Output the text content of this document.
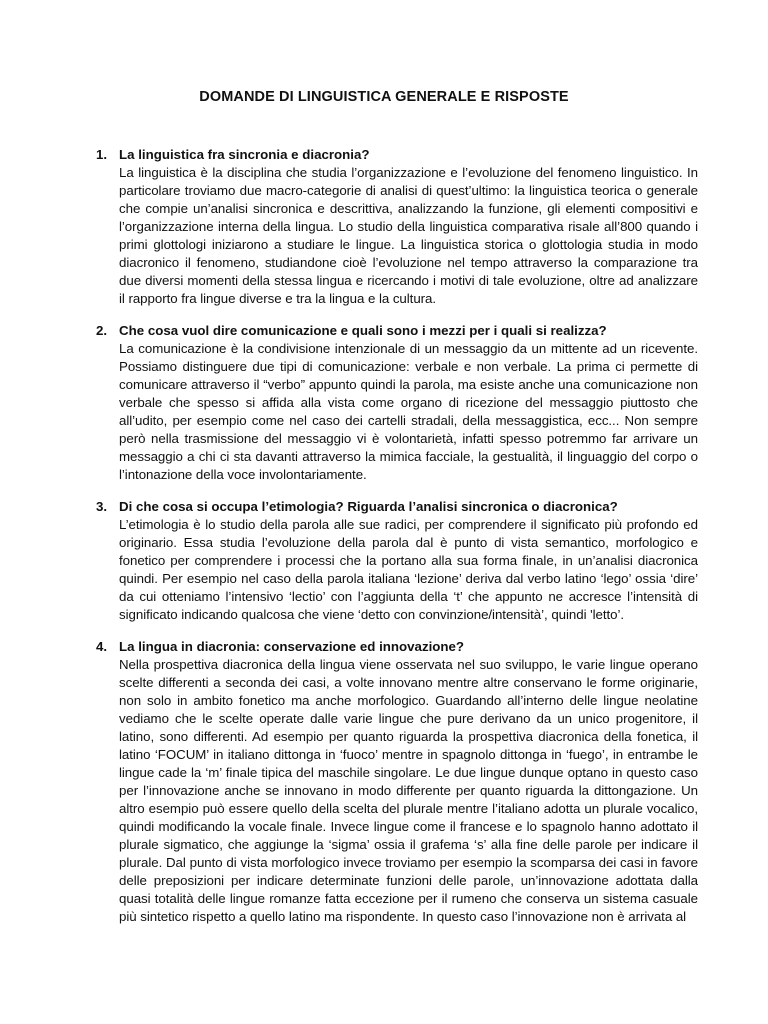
DOMANDE DI LINGUISTICA GENERALE E RISPOSTE
1. La linguistica fra sincronia e diacronia?
La linguistica è la disciplina che studia l’organizzazione e l’evoluzione del fenomeno linguistico. In particolare troviamo due macro-categorie di analisi di quest’ultimo: la linguistica teorica o generale che compie un’analisi sincronica e descrittiva, analizzando la funzione, gli elementi compositivi e l’organizzazione interna della lingua. Lo studio della linguistica comparativa risale all’800 quando i primi glottologi iniziarono a studiare le lingue. La linguistica storica o glottologia studia in modo diacronico il fenomeno, studiandone cioè l’evoluzione nel tempo attraverso la comparazione tra due diversi momenti della stessa lingua e ricercando i motivi di tale evoluzione, oltre ad analizzare il rapporto fra lingue diverse e tra la lingua e la cultura.
2. Che cosa vuol dire comunicazione e quali sono i mezzi per i quali si realizza?
La comunicazione è la condivisione intenzionale di un messaggio da un mittente ad un ricevente. Possiamo distinguere due tipi di comunicazione: verbale e non verbale. La prima ci permette di comunicare attraverso il “verbo” appunto quindi la parola, ma esiste anche una comunicazione non verbale che spesso si affida alla vista come organo di ricezione del messaggio piuttosto che all’udito, per esempio come nel caso dei cartelli stradali, della messaggistica, ecc... Non sempre però nella trasmissione del messaggio vi è volontarietà, infatti spesso potremmo far arrivare un messaggio a chi ci sta davanti attraverso la mimica facciale, la gestualità, il linguaggio del corpo o l’intonazione della voce involontariamente.
3. Di che cosa si occupa l’etimologia? Riguarda l’analisi sincronica o diacronica?
L’etimologia è lo studio della parola alle sue radici, per comprendere il significato più profondo ed originario. Essa studia l’evoluzione della parola dal è punto di vista semantico, morfologico e fonetico per comprendere i processi che la portano alla sua forma finale, in un’analisi diacronica quindi. Per esempio nel caso della parola italiana ‘lezione’ deriva dal verbo latino ‘lego’ ossia ‘dire’ da cui otteniamo l’intensivo ‘lectio’ con l’aggiunta della ‘t’ che appunto ne accresce l’intensità di significato indicando qualcosa che viene ‘detto con convinzione/intensità’, quindi 'letto’.
4. La lingua in diacronia: conservazione ed innovazione?
Nella prospettiva diacronica della lingua viene osservata nel suo sviluppo, le varie lingue operano scelte differenti a seconda dei casi, a volte innovano mentre altre conservano le forme originarie, non solo in ambito fonetico ma anche morfologico. Guardando all’interno delle lingue neolatine vediamo che le scelte operate dalle varie lingue che pure derivano da un unico progenitore, il latino, sono differenti. Ad esempio per quanto riguarda la prospettiva diacronica della fonetica, il latino ‘FOCUM’ in italiano dittonga in ‘fuoco’ mentre in spagnolo dittonga in ‘fuego’, in entrambe le lingue cade la ‘m’ finale tipica del maschile singolare. Le due lingue dunque optano in questo caso per l’innovazione anche se innovano in modo differente per quanto riguarda la dittongazione. Un altro esempio può essere quello della scelta del plurale mentre l’italiano adotta un plurale vocalico, quindi modificando la vocale finale. Invece lingue come il francese e lo spagnolo hanno adottato il plurale sigmatico, che aggiunge la ‘sigma’ ossia il grafema ‘s’ alla fine delle parole per indicare il plurale. Dal punto di vista morfologico invece troviamo per esempio la scomparsa dei casi in favore delle preposizioni per indicare determinate funzioni delle parole, un’innovazione adottata dalla quasi totalità delle lingue romanze fatta eccezione per il rumeno che conserva un sistema casuale più sintetico rispetto a quello latino ma rispondente. In questo caso l’innovazione non è arrivata al
